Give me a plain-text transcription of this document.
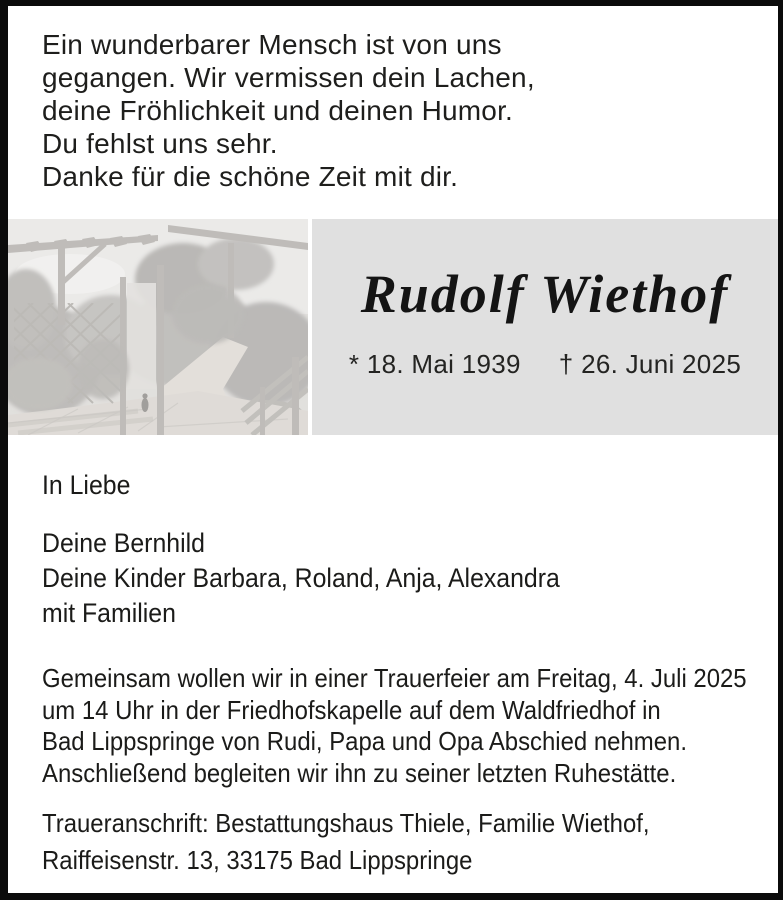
Ein wunderbarer Mensch ist von uns
gegangen. Wir vermissen dein Lachen,
deine Fröhlichkeit und deinen Humor.
Du fehlst uns sehr.
Danke für die schöne Zeit mit dir.
Rudolf Wiethof
* 18. Mai 1939 † 26. Juni 2025
In Liebe
Deine Bernhild
Deine Kinder Barbara, Roland, Anja, Alexandra
mit Familien
Gemeinsam wollen wir in einer Trauerfeier am Freitag, 4. Juli 2025
um 14 Uhr in der Friedhofskapelle auf dem Waldfriedhof in
Bad Lippspringe von Rudi, Papa und Opa Abschied nehmen.
Anschließend begleiten wir ihn zu seiner letzten Ruhestätte.
Traueranschrift: Bestattungshaus Thiele, Familie Wiethof,
Raiffeisenstr. 13, 33175 Bad Lippspringe
